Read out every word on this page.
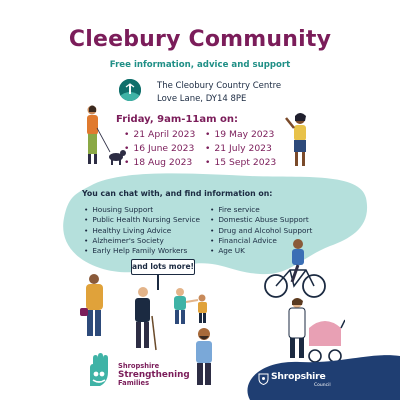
Cleebury Community
Free information, advice and support
The Cleobury Country Centre
Love Lane, DY14 8PE
Friday, 9am-11am on:
• 21 April 2023
• 16 June 2023
• 18 Aug 2023
• 19 May 2023
• 21 July 2023
• 15 Sept 2023
You can chat with, and find information on:
• Housing Support
• Public Health Nursing Service
• Healthy Living Advice
• Alzheimer's Society
• Early Help Family Workers
• Fire service
• Domestic Abuse Support
• Drug and Alcohol Support
• Financial Advice
• Age UK
and lots more!
Shropshire
Strengthening
Families
Shropshire
Council
